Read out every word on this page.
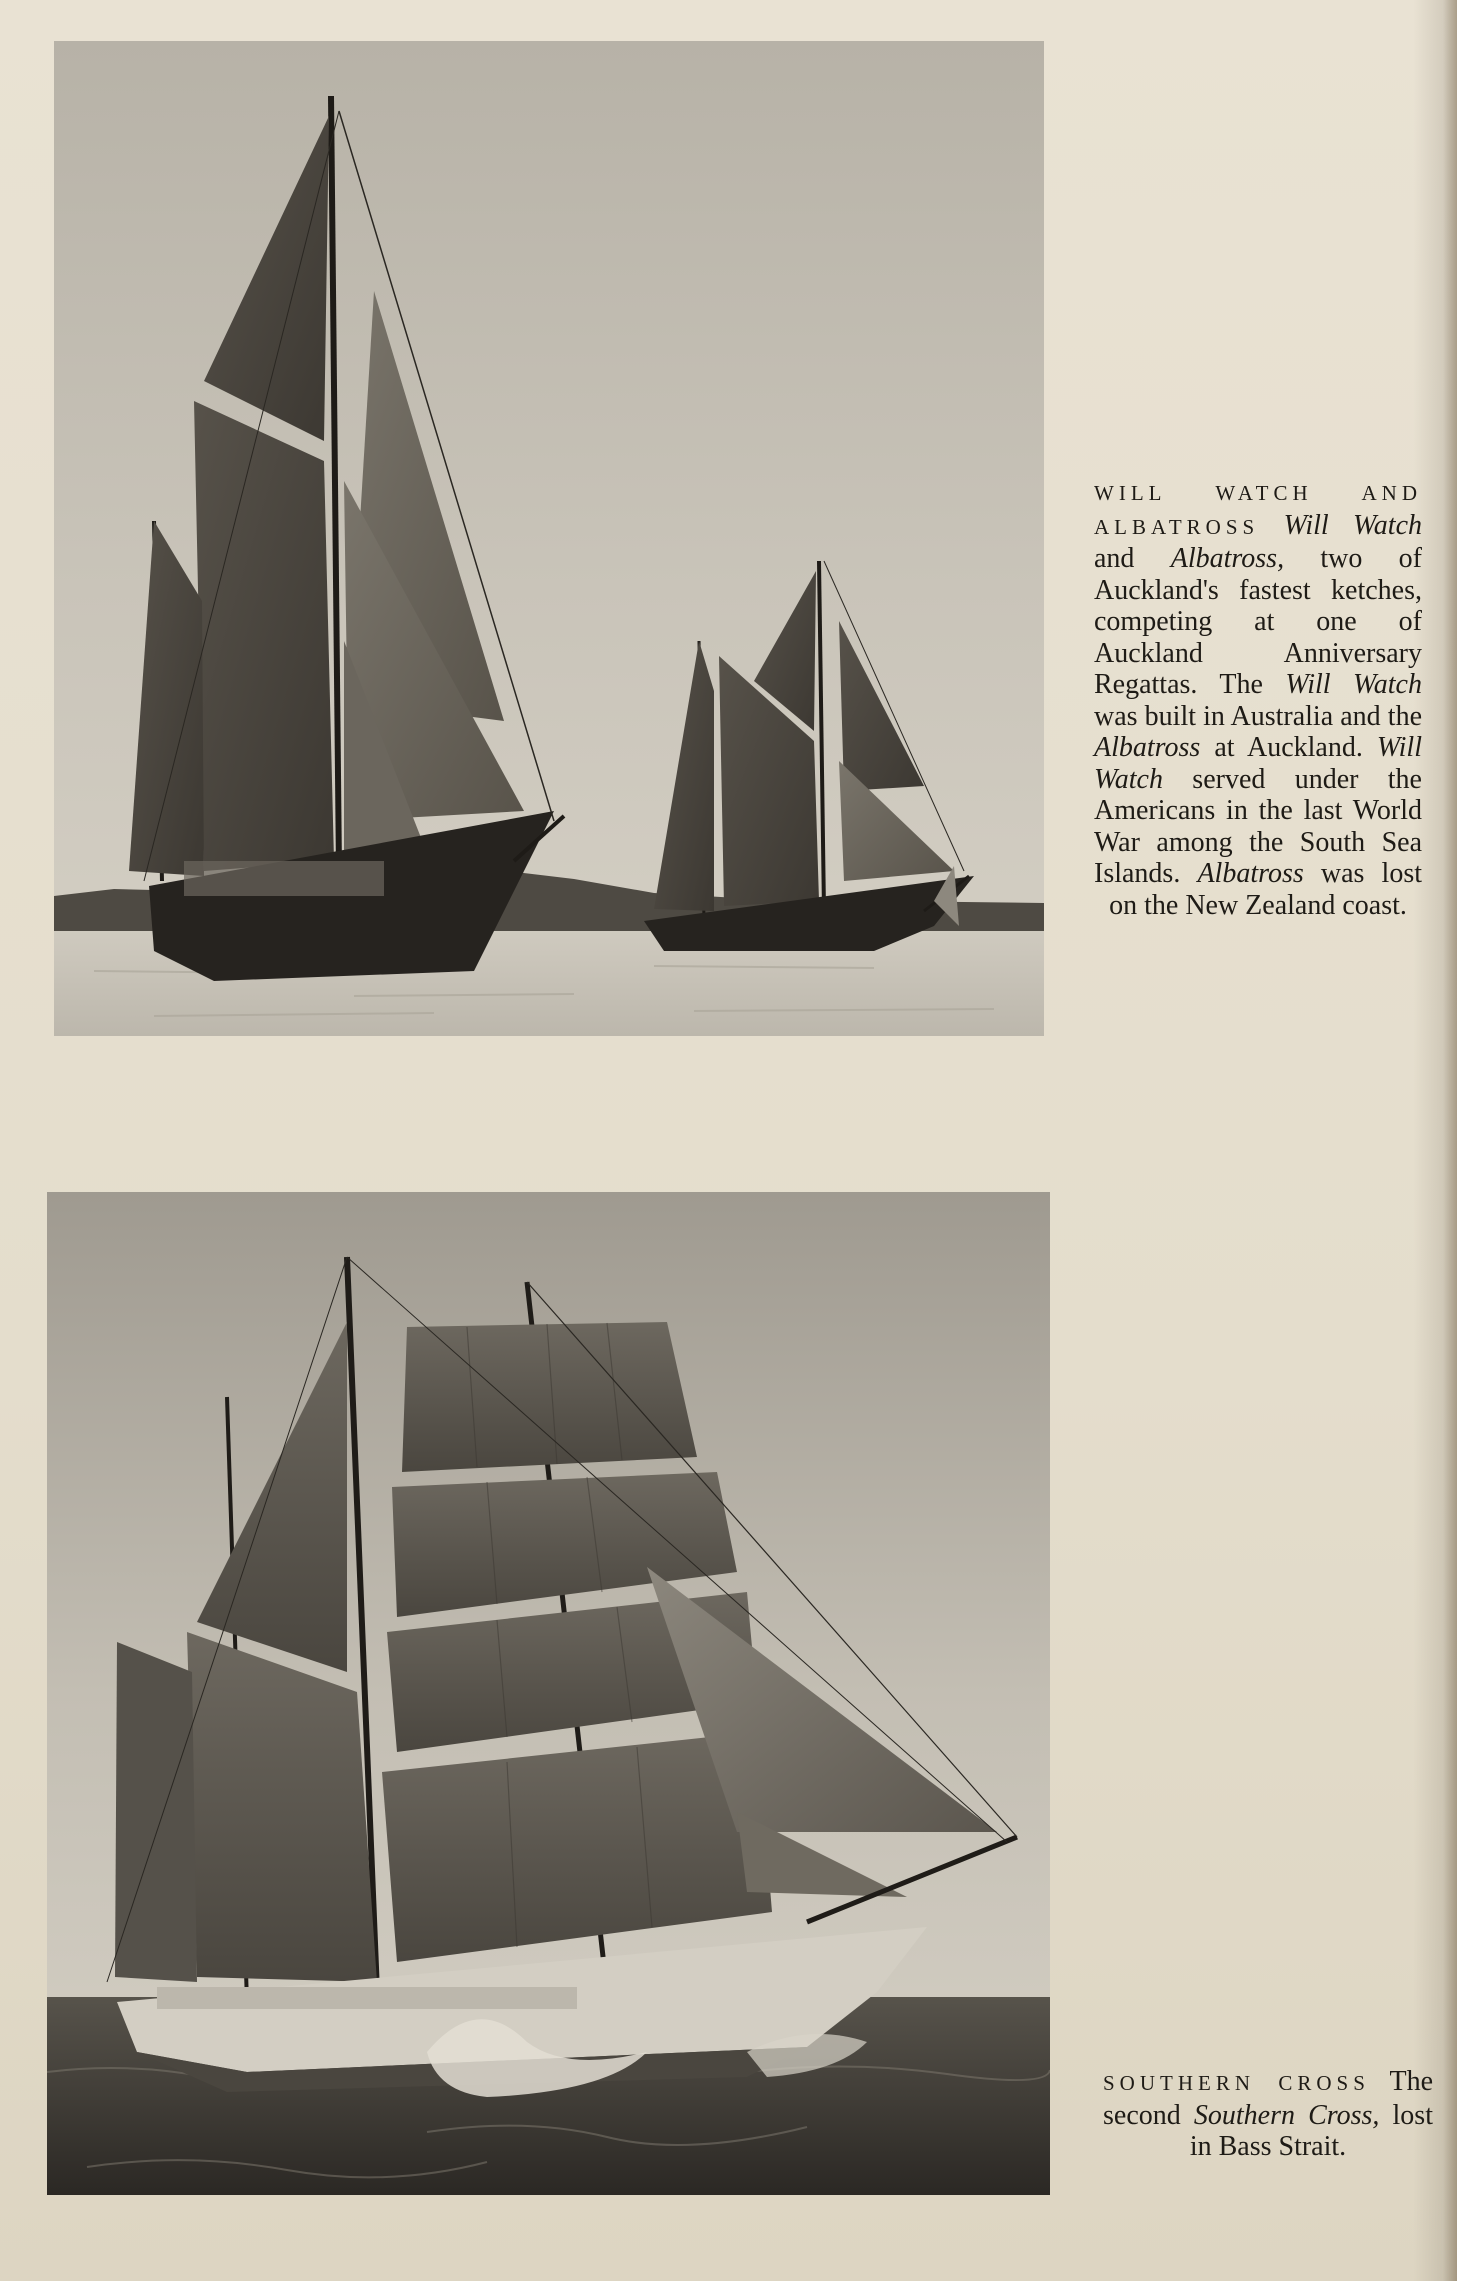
WILL WATCH AND ALBATROSS Will Watch and Albatross, two of Auckland's fastest ketches, competing at one of Auckland Anniversary Regattas. The Will Watch was built in Australia and the Albatross at Auckland. Will Watch served under the Americans in the last World War among the South Sea Islands. Albatross was lost on the New Zealand coast.
SOUTHERN CROSS The second Southern Cross, lost in Bass Strait.
